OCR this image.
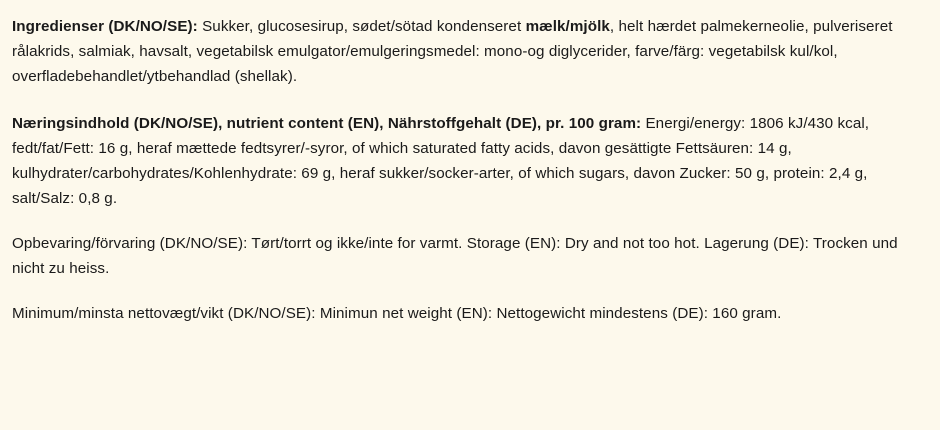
Ingredienser (DK/NO/SE): Sukker, glucosesirup, sødet/sötad kondenseret mælk/mjölk, helt hærdet palmekerneolie, pulveriseret rålakrids, salmiak, havsalt, vegetabilsk emulgator/emulgeringsmedel: mono-og diglycerider, farve/färg: vegetabilsk kul/kol, overfladebehandlet/ytbehandlad (shellak).

Næringsindhold (DK/NO/SE), nutrient content (EN), Nährstoffgehalt (DE), pr. 100 gram: Energi/energy: 1806 kJ/430 kcal, fedt/fat/Fett: 16 g, heraf mættede fedtsyrer/-syror, of which saturated fatty acids, davon gesättigte Fettsäuren: 14 g, kulhydrater/carbohydrates/Kohlenhydrate: 69 g, heraf sukker/socker-arter, of which sugars, davon Zucker: 50 g, protein: 2,4 g, salt/Salz: 0,8 g.

Opbevaring/förvaring (DK/NO/SE): Tørt/torrt og ikke/inte for varmt. Storage (EN): Dry and not too hot. Lagerung (DE): Trocken und nicht zu heiss.

Minimum/minsta nettovægt/vikt (DK/NO/SE): Minimun net weight (EN): Nettogewicht mindestens (DE): 160 gram.
